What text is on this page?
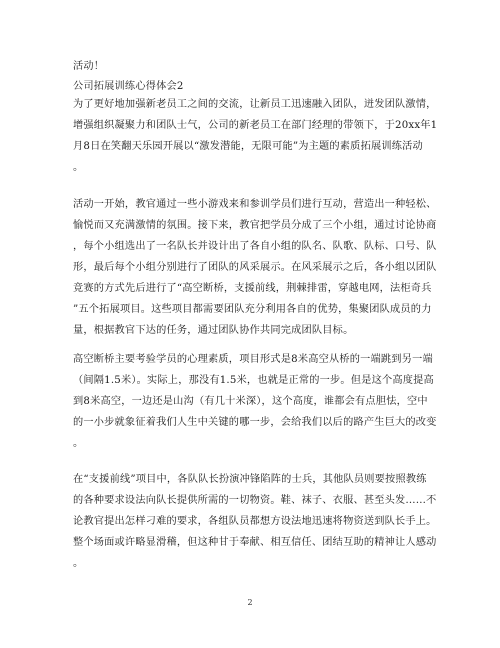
活动！
公司拓展训练心得体会2
为了更好地加强新老员工之间的交流，让新员工迅速融入团队，迸发团队激情，
增强组织凝聚力和团队士气，公司的新老员工在部门经理的带领下，于20xx年1
月8日在笑翻天乐园开展以“激发潜能，无限可能”为主题的素质拓展训练活动
。
活动一开始，教官通过一些小游戏来和参训学员们进行互动，营造出一种轻松、
愉悦而又充满激情的氛围。接下来，教官把学员分成了三个小组，通过讨论协商
，每个小组选出了一名队长并设计出了各自小组的队名、队歌、队标、口号、队
形，最后每个小组分别进行了团队的风采展示。在风采展示之后，各小组以团队
竞赛的方式先后进行了“高空断桥，支援前线，荆棘排雷，穿越电网，法柜奇兵
”五个拓展项目。这些项目都需要团队充分利用各自的优势，集聚团队成员的力
量，根据教官下达的任务，通过团队协作共同完成团队目标。
高空断桥主要考验学员的心理素质，项目形式是8米高空从桥的一端跳到另一端
（间隔1.5米）。实际上，那没有1.5米，也就是正常的一步。但是这个高度提高
到8米高空，一边还是山沟（有几十米深），这个高度，谁都会有点胆怯，空中
的一小步就象征着我们人生中关键的哪一步，会给我们以后的路产生巨大的改变
。
在“支援前线”项目中，各队队长扮演冲锋陷阵的士兵，其他队员则要按照教练
的各种要求设法向队长提供所需的一切物资。鞋、袜子、衣服、甚至头发……不
论教官提出怎样刁难的要求，各组队员都想方设法地迅速将物资送到队长手上。
整个场面或许略显滑稽，但这种甘于奉献、相互信任、团结互助的精神让人感动
。
2
